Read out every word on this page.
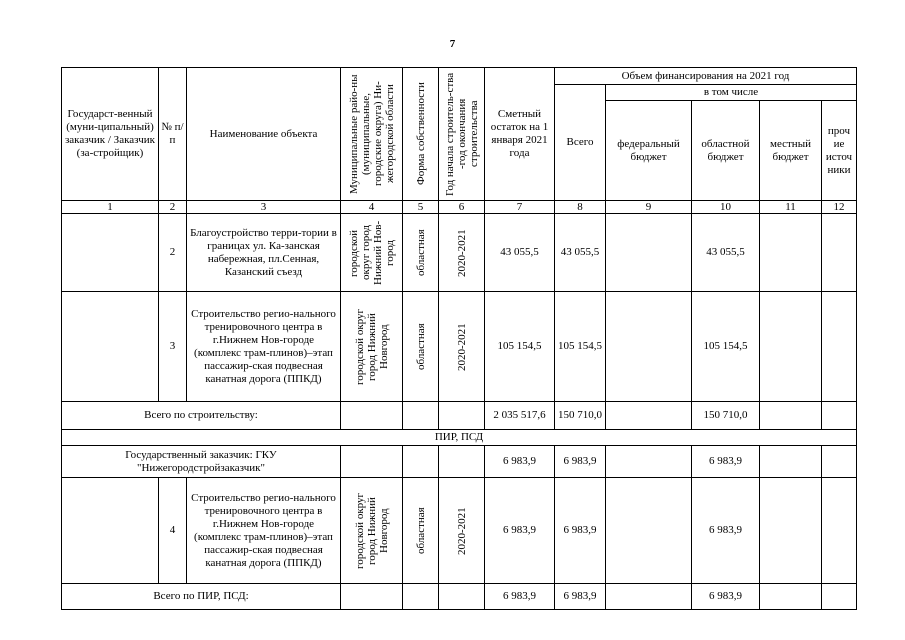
7
Государст-венный (муни-ципальный) заказчик / Заказчик (за-стройщик)	№ п/п	Наименование объекта	Муниципальные райо-ны (муниципальные, городские округа) Ни-жегородской области	Форма собственности	Год начала строитель-ства -год окончания строительства	Сметный остаток на 1 января 2021 года	Объем финансирования на 2021 год				
							Всего	в том числе			
								федеральный бюджет	областной бюджет	местный бюджет	проч ие источ ники
1	2	3	4	5	6	7	8	9	10	11	12
	2	Благоустройство терри-тории в границах ул. Ка-занская набережная, пл.Сенная, Казанский съезд	городской округ город Нижний Нов-город	областная	2020-2021	43 055,5	43 055,5		43 055,5		
	3	Строительство регио-нального тренировочного центра в г.Нижнем Нов-городе (комплекс трам-плинов)–этап пассажир-ская подвесная канатная дорога (ППКД)	городской округ город Нижний Новгород	областная	2020-2021	105 154,5	105 154,5		105 154,5		
Всего по строительству:						2 035 517,6	150 710,0		150 710,0		
ПИР, ПСД											
Государственный заказчик: ГКУ "Нижегородстройзаказчик"						6 983,9	6 983,9		6 983,9		
	4	Строительство регио-нального тренировочного центра в г.Нижнем Нов-городе (комплекс трам-плинов)–этап пассажир-ская подвесная канатная дорога (ППКД)	городской округ город Нижний Новгород	областная	2020-2021	6 983,9	6 983,9		6 983,9		
Всего по ПИР, ПСД:						6 983,9	6 983,9		6 983,9		
